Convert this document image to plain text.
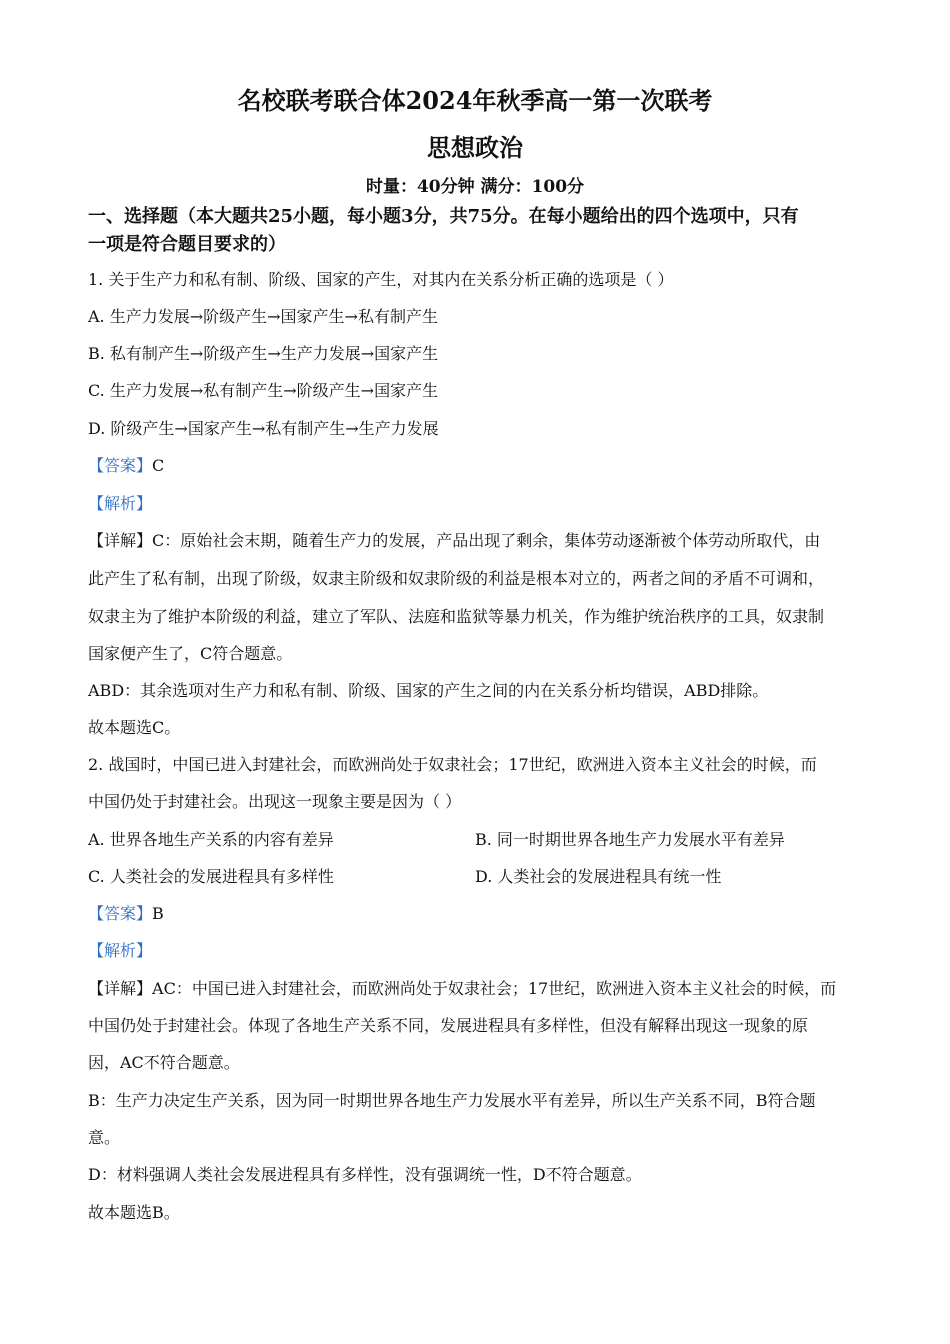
名校联考联合体2024年秋季高一第一次联考
思想政治
时量：40分钟 满分：100分
一、选择题（本大题共25小题，每小题3分，共75分。在每小题给出的四个选项中，只有
一项是符合题目要求的）
1. 关于生产力和私有制、阶级、国家的产生，对其内在关系分析正确的选项是（ ）
A. 生产力发展→阶级产生→国家产生→私有制产生
B. 私有制产生→阶级产生→生产力发展→国家产生
C. 生产力发展→私有制产生→阶级产生→国家产生
D. 阶级产生→国家产生→私有制产生→生产力发展
【答案】C
【解析】
【详解】C：原始社会末期，随着生产力的发展，产品出现了剩余，集体劳动逐渐被个体劳动所取代，由
此产生了私有制，出现了阶级，奴隶主阶级和奴隶阶级的利益是根本对立的，两者之间的矛盾不可调和，
奴隶主为了维护本阶级的利益，建立了军队、法庭和监狱等暴力机关，作为维护统治秩序的工具，奴隶制
国家便产生了，C符合题意。
ABD：其余选项对生产力和私有制、阶级、国家的产生之间的内在关系分析均错误，ABD排除。
故本题选C。
2. 战国时，中国已进入封建社会，而欧洲尚处于奴隶社会；17世纪，欧洲进入资本主义社会的时候，而
中国仍处于封建社会。出现这一现象主要是因为（ ）
A. 世界各地生产关系的内容有差异	B. 同一时期世界各地生产力发展水平有差异
C. 人类社会的发展进程具有多样性	D. 人类社会的发展进程具有统一性
【答案】B
【解析】
【详解】AC：中国已进入封建社会，而欧洲尚处于奴隶社会；17世纪，欧洲进入资本主义社会的时候，而
中国仍处于封建社会。体现了各地生产关系不同，发展进程具有多样性，但没有解释出现这一现象的原
因，AC不符合题意。
B：生产力决定生产关系，因为同一时期世界各地生产力发展水平有差异，所以生产关系不同，B符合题
意。
D：材料强调人类社会发展进程具有多样性，没有强调统一性，D不符合题意。
故本题选B。
